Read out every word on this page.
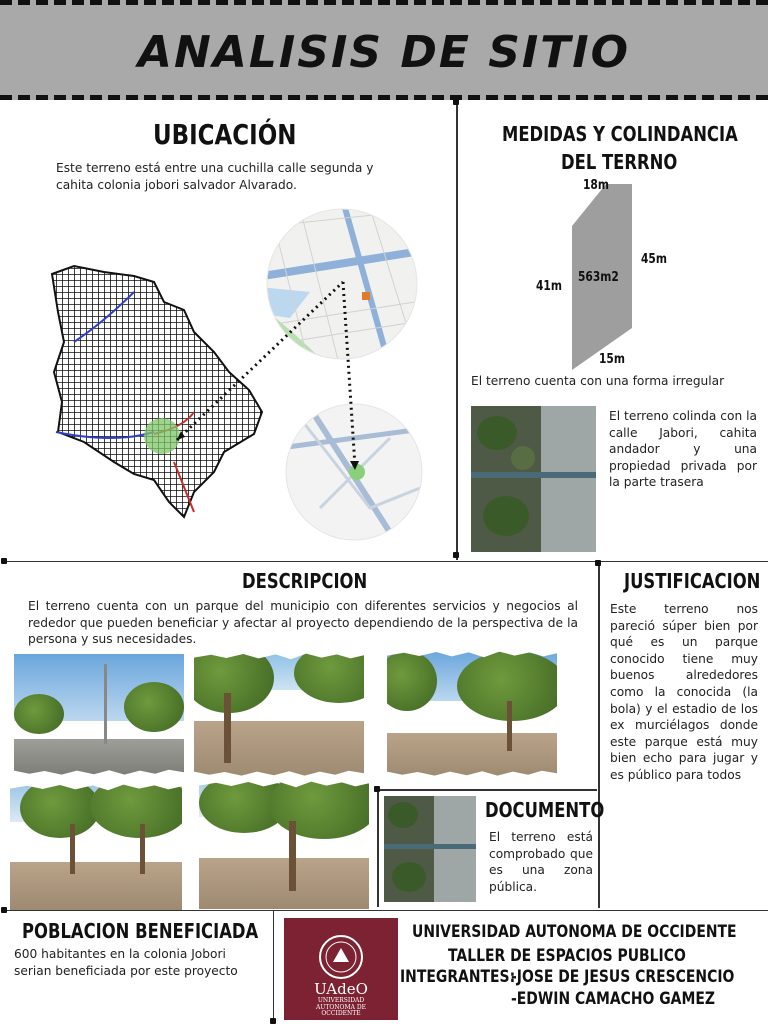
ANALISIS DE SITIO
UBICACIÓN
Este terreno está entre una cuchilla calle segunda y cahita colonia jobori salvador Alvarado.
MEDIDAS Y COLINDANCIA
DEL TERRNO
18m
45m
41m
15m
563m2
El terreno cuenta con una forma irregular
El terreno colinda con la calle Jabori, cahita andador y una propiedad privada por la parte trasera
DESCRIPCION
El terreno cuenta con un parque del municipio con diferentes servicios y negocios al rededor que pueden beneficiar y afectar al proyecto dependiendo de la perspectiva de la persona y sus necesidades.
JUSTIFICACION
Este terreno nos pareció súper bien por qué es un parque conocido tiene muy buenos alrededores como la conocida (la bola) y el estadio de los ex murciélagos donde este parque está muy bien echo para jugar y es público para todos
DOCUMENTO
El terreno está comprobado que es una zona pública.
POBLACION BENEFICIADA
600 habitantes en la colonia Jobori serian beneficiada por este proyecto
UAdeO
UNIVERSIDAD
AUTONOMA DE
OCCIDENTE
UNIVERSIDAD AUTONOMA DE OCCIDENTE
TALLER DE ESPACIOS PUBLICO
INTEGRANTES:
-JOSE DE JESUS CRESCENCIO
-EDWIN CAMACHO GAMEZ
